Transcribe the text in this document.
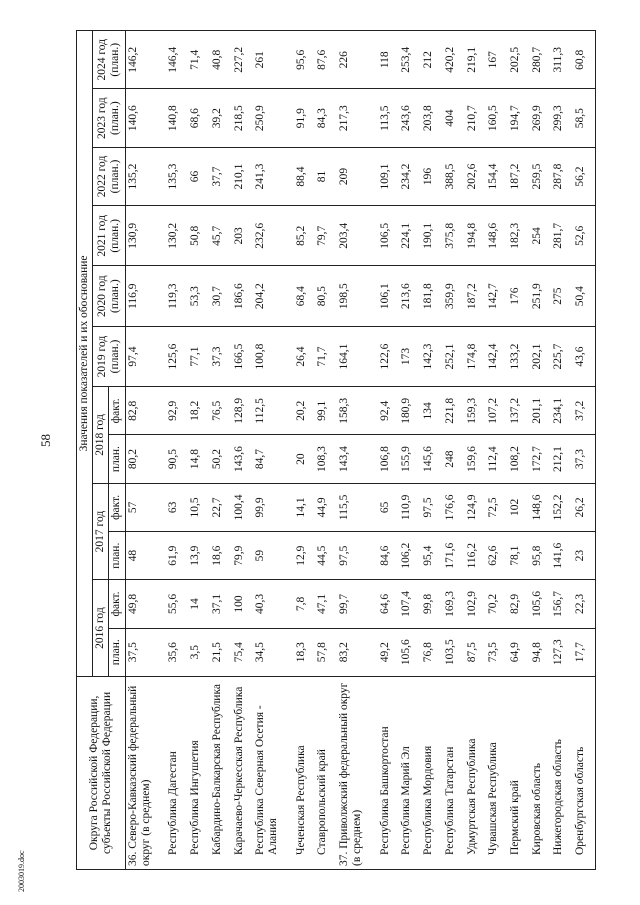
58
2003019.doc
Округа Российской Федерации, субъекты Российской Федерации	Значения показателей и их обоснование											
	2016 год		2017 год		2018 год		2019 год (план.)	2020 год (план.)	2021 год (план.)	2022 год (план.)	2023 год (план.)	2024 год (план.)
	план.	факт.	план.	факт.	план.	факт.						
36. Северо-Кавказский федеральный округ (в среднем)	37,5	49,8	48	57	80,2	82,8	97,4	116,9	130,9	135,2	140,6	146,2
Республика Дагестан	35,6	55,6	61,9	63	90,5	92,9	125,6	119,3	130,2	135,3	140,8	146,4
Республика Ингушетия	3,5	14	13,9	10,5	14,8	18,2	77,1	53,3	50,8	66	68,6	71,4
Кабардино-Балкарская Республика	21,5	37,1	18,6	22,7	50,2	76,5	37,3	30,7	45,7	37,7	39,2	40,8
Карачаево-Черкесская Республика	75,4	100	79,9	100,4	143,6	128,9	166,5	186,6	203	210,1	218,5	227,2
Республика Северная Осетия - Алания	34,5	40,3	59	99,9	84,7	112,5	100,8	204,2	232,6	241,3	250,9	261
Чеченская Республика	18,3	7,8	12,9	14,1	20	20,2	26,4	68,4	85,2	88,4	91,9	95,6
Ставропольский край	57,8	47,1	44,5	44,9	108,3	99,1	71,7	80,5	79,7	81	84,3	87,6
37. Приволжский федеральный округ (в среднем)	83,2	99,7	97,5	115,5	143,4	158,3	164,1	198,5	203,4	209	217,3	226
Республика Башкортостан	49,2	64,6	84,6	65	106,8	92,4	122,6	106,1	106,5	109,1	113,5	118
Республика Марий Эл	105,6	107,4	106,2	110,9	155,9	180,9	173	213,6	224,1	234,2	243,6	253,4
Республика Мордовия	76,8	99,8	95,4	97,5	145,6	134	142,3	181,8	190,1	196	203,8	212
Республика Татарстан	103,5	169,3	171,6	176,6	248	221,8	252,1	359,9	375,8	388,5	404	420,2
Удмуртская Республика	87,5	102,9	116,2	124,9	159,6	159,3	174,8	187,2	194,8	202,6	210,7	219,1
Чувашская Республика	73,5	70,2	62,6	72,5	112,4	107,2	142,4	142,7	148,6	154,4	160,5	167
Пермский край	64,9	82,9	78,1	102	108,2	137,2	133,2	176	182,3	187,2	194,7	202,5
Кировская область	94,8	105,6	95,8	148,6	172,7	201,1	202,1	251,9	254	259,5	269,9	280,7
Нижегородская область	127,3	156,7	141,6	152,2	212,1	234,1	225,7	275	281,7	287,8	299,3	311,3
Оренбургская область	17,7	22,3	23	26,2	37,3	37,2	43,6	50,4	52,6	56,2	58,5	60,8
